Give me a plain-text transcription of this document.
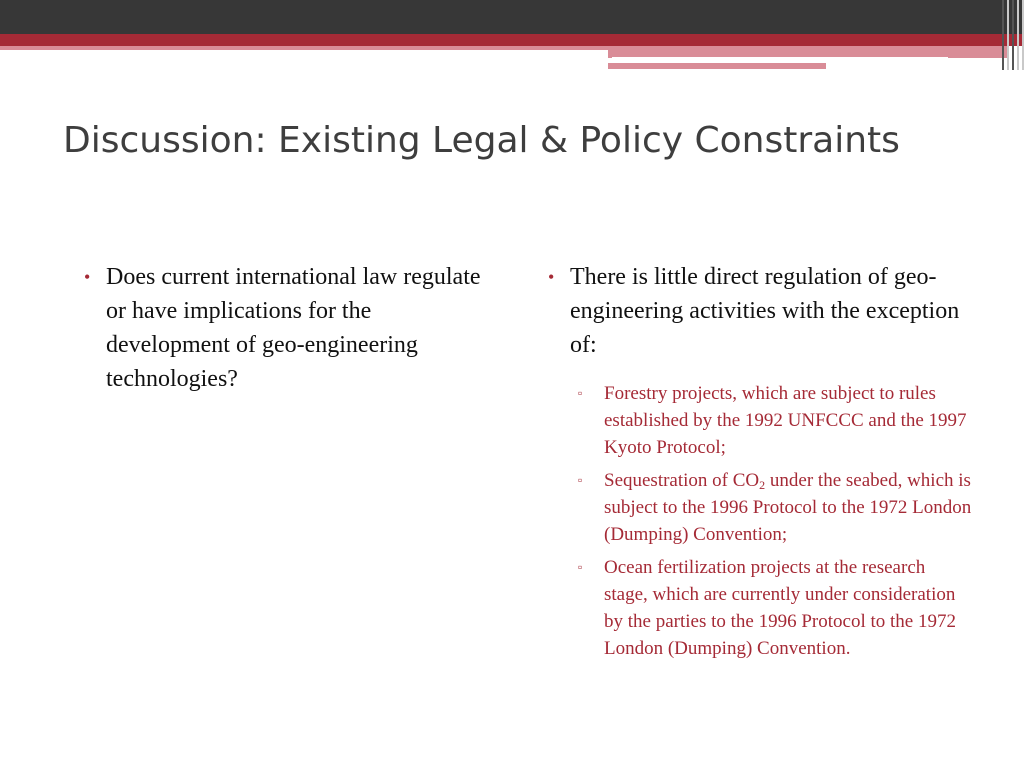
Discussion: Existing Legal & Policy Constraints
• Does current international law regulate or have implications for the development of geo-engineering technologies?
• There is little direct regulation of geo-engineering activities with the exception of:
▫	Forestry projects, which are subject to rules established by the 1992 UNFCCC and the 1997 Kyoto Protocol;
▫	Sequestration of $CO_2$ under the seabed, which is subject to the 1996 Protocol to the 1972 London (Dumping) Convention;
▫	Ocean fertilization projects at the research stage, which are currently under consideration by the parties to the 1996 Protocol to the 1972 London (Dumping) Convention.
